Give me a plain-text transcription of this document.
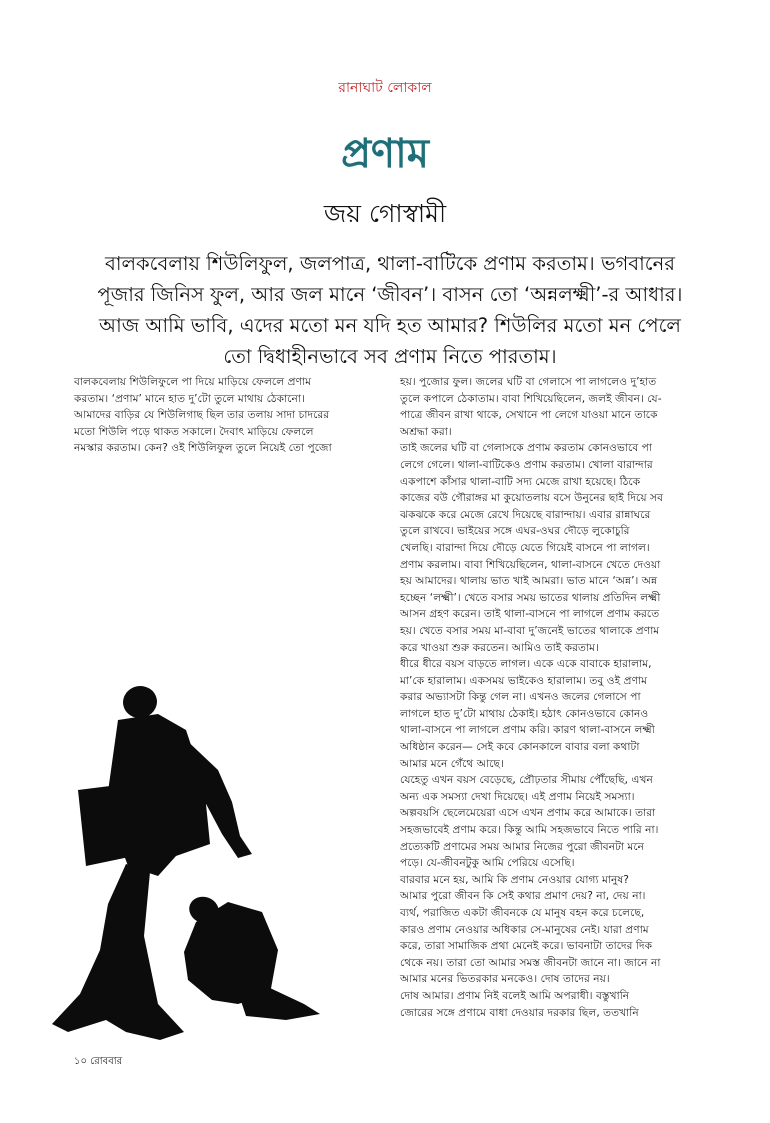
রানাঘাট লোকাল
প্রণাম
জয় গোস্বামী

বালকবেলায় শিউলিফুল, জলপাত্র, থালা-বাটিকে প্রণাম করতাম। ভগবানের

পূজার জিনিস ফুল, আর জল মানে ‘জীবন’। বাসন তো ‘অন্নলক্ষ্মী’-র আধার।

আজ আমি ভাবি, এদের মতো মন যদি হত আমার? শিউলির মতো মন পেলে

তো দ্বিধাহীনভাবে সব প্রণাম নিতে পারতাম।

বালকবেলায় শিউলিফুলে পা দিয়ে মাড়িয়ে ফেললে প্রণাম

করতাম। ‘প্রণাম’ মানে হাত দু’টো তুলে মাথায় ঠেকানো।

আমাদের বাড়ির যে শিউলিগাছ ছিল তার তলায় সাদা চাদরের

মতো শিউলি পড়ে থাকত সকালে। দৈবাৎ মাড়িয়ে ফেললে

নমস্কার করতাম। কেন? ওই শিউলিফুল তুলে নিয়েই তো পুজো

হয়। পুজোর ফুল। জলের ঘটি বা গেলাসে পা লাগলেও দু’হাত

তুলে কপালে ঠেকাতাম। বাবা শিখিয়েছিলেন, জলই জীবন। যে-

পাত্রে জীবন রাখা থাকে, সেখানে পা লেগে যাওয়া মানে তাকে

অশ্রদ্ধা করা।

তাই জলের ঘটি বা গেলাসকে প্রণাম করতাম কোনওভাবে পা

লেগে গেলে। থালা-বাটিকেও প্রণাম করতাম। খোলা বারান্দার

একপাশে কাঁসার থালা-বাটি সদ্য মেজে রাখা হয়েছে। ঠিকে

কাজের বউ গৌরাঙ্গর মা কুয়োতলায় বসে উনুনের ছাই দিয়ে সব

ঝকঝকে করে মেজে রেখে দিয়েছে বারান্দায়। এবার রান্নাঘরে

তুলে রাখবে। ভাইয়ের সঙ্গে এঘর-ওঘর দৌড়ে লুকোচুরি

খেলছি। বারান্দা দিয়ে দৌড়ে যেতে গিয়েই বাসনে পা লাগল।

প্রণাম করলাম। বাবা শিখিয়েছিলেন, থালা-বাসনে খেতে দেওয়া

হয় আমাদের। থালায় ভাত খাই আমরা। ভাত মানে ‘অন্ন’। অন্ন

হচ্ছেন ‘লক্ষ্মী’। খেতে বসার সময় ভাতের থালায় প্রতিদিন লক্ষ্মী

আসন গ্রহণ করেন। তাই থালা-বাসনে পা লাগলে প্রণাম করতে

হয়। খেতে বসার সময় মা-বাবা দু’জনেই ভাতের থালাকে প্রণাম

করে খাওয়া শুরু করতেন। আমিও তাই করতাম।

ধীরে ধীরে বয়স বাড়তে লাগল। একে একে বাবাকে হারালাম,

মা’কে হারালাম। একসময় ভাইকেও হারালাম। তবু ওই প্রণাম

করার অভ্যাসটা কিন্তু গেল না। এখনও জলের গেলাসে পা

লাগলে হাত দু’টো মাথায় ঠেকাই। হঠাৎ কোনওভাবে কোনও

থালা-বাসনে পা লাগলে প্রণাম করি। কারণ থালা-বাসনে লক্ষ্মী

অধিষ্ঠান করেন— সেই কবে কোনকালে বাবার বলা কথাটা

আমার মনে গেঁথে আছে।

যেহেতু এখন বয়স বেড়েছে, প্রৌঢ়তার সীমায় পৌঁছেছি, এখন

অন্য এক সমস্যা দেখা দিয়েছে। এই প্রণাম নিয়েই সমস্যা।

অল্পবয়সি ছেলেমেয়েরা এসে এখন প্রণাম করে আমাকে। তারা

সহজভাবেই প্রণাম করে। কিন্তু আমি সহজভাবে নিতে পারি না।

প্রত্যেকটি প্রণামের সময় আমার নিজের পুরো জীবনটা মনে

পড়ে। যে-জীবনটুকু আমি পেরিয়ে এসেছি।

বারবার মনে হয়, আমি কি প্রণাম নেওয়ার যোগ্য মানুষ?

আমার পুরো জীবন কি সেই কথার প্রমাণ দেয়? না, দেয় না।

ব্যর্থ, পরাজিত একটা জীবনকে যে মানুষ বহন করে চলেছে,

কারও প্রণাম নেওয়ার অধিকার সে-মানুষের নেই। যারা প্রণাম

করে, তারা সামাজিক প্রথা মেনেই করে। ভাবনাটা তাদের দিক

থেকে নয়। তারা তো আমার সমস্ত জীবনটা জানে না। জানে না

আমার মনের ভিতরকার মনকেও। দোষ তাদের নয়।

দোষ আমার। প্রণাম নিই বলেই আমি অপরাধী। বস্তুখানি

জোরের সঙ্গে প্রণামে বাধা দেওয়ার দরকার ছিল, ততখানি

১০ রোববার
